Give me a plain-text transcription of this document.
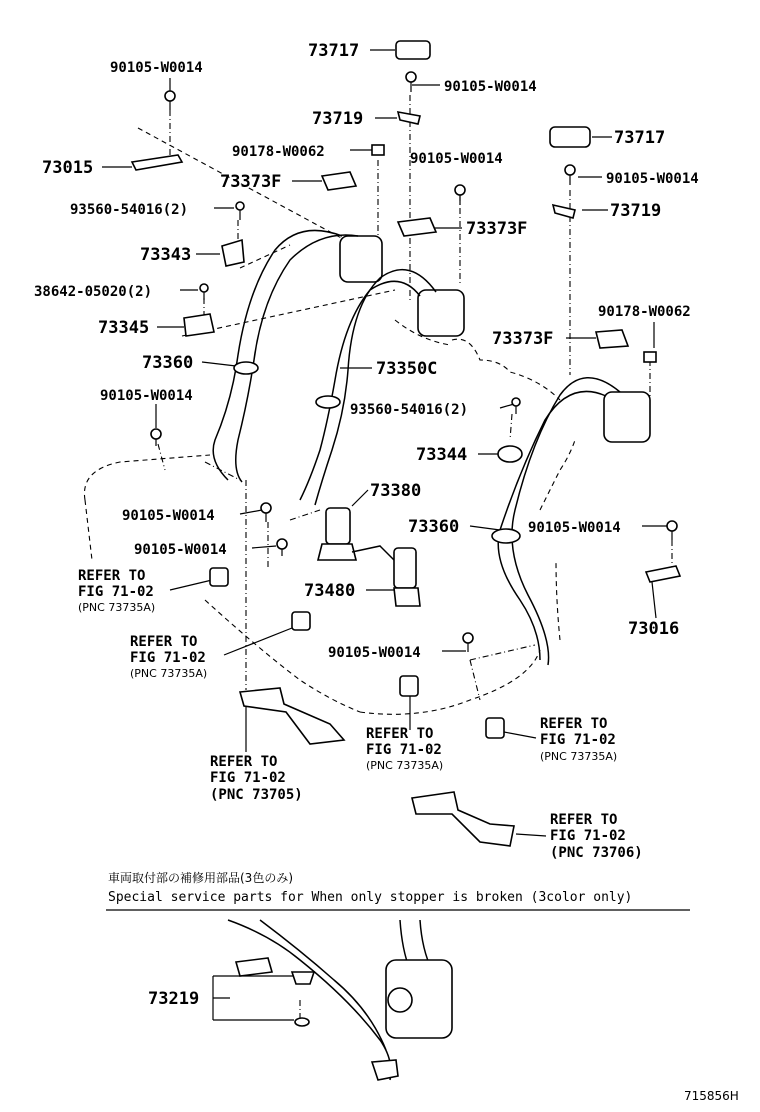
73717
90105-W0014
90105-W0014
73719
73717
90178-W0062	90105-W0014
73015
90105-W0014
73373F
73719
93560-54016(2)
73373F
73343
38642-05020(2)
90178-W0062
73345
73373F
73360	73350C
90105-W0014
93560-54016(2)
73344
73380
90105-W0014
73360	90105-W0014
90105-W0014
73480
73016
90105-W0014
73219
REFER TO
FIG 71-02
(PNC 73735A)
REFER TO
FIG 71-02
(PNC 73735A)
REFER TO
FIG 71-02
(PNC 73735A)
REFER TO
FIG 71-02
(PNC 73735A)
REFER TO
FIG 71-02
(PNC 73705)
REFER TO
FIG 71-02
(PNC 73706)
車両取付部の補修用部品(3色のみ)
Special service parts for When only stopper is broken (3color only)
715856H
